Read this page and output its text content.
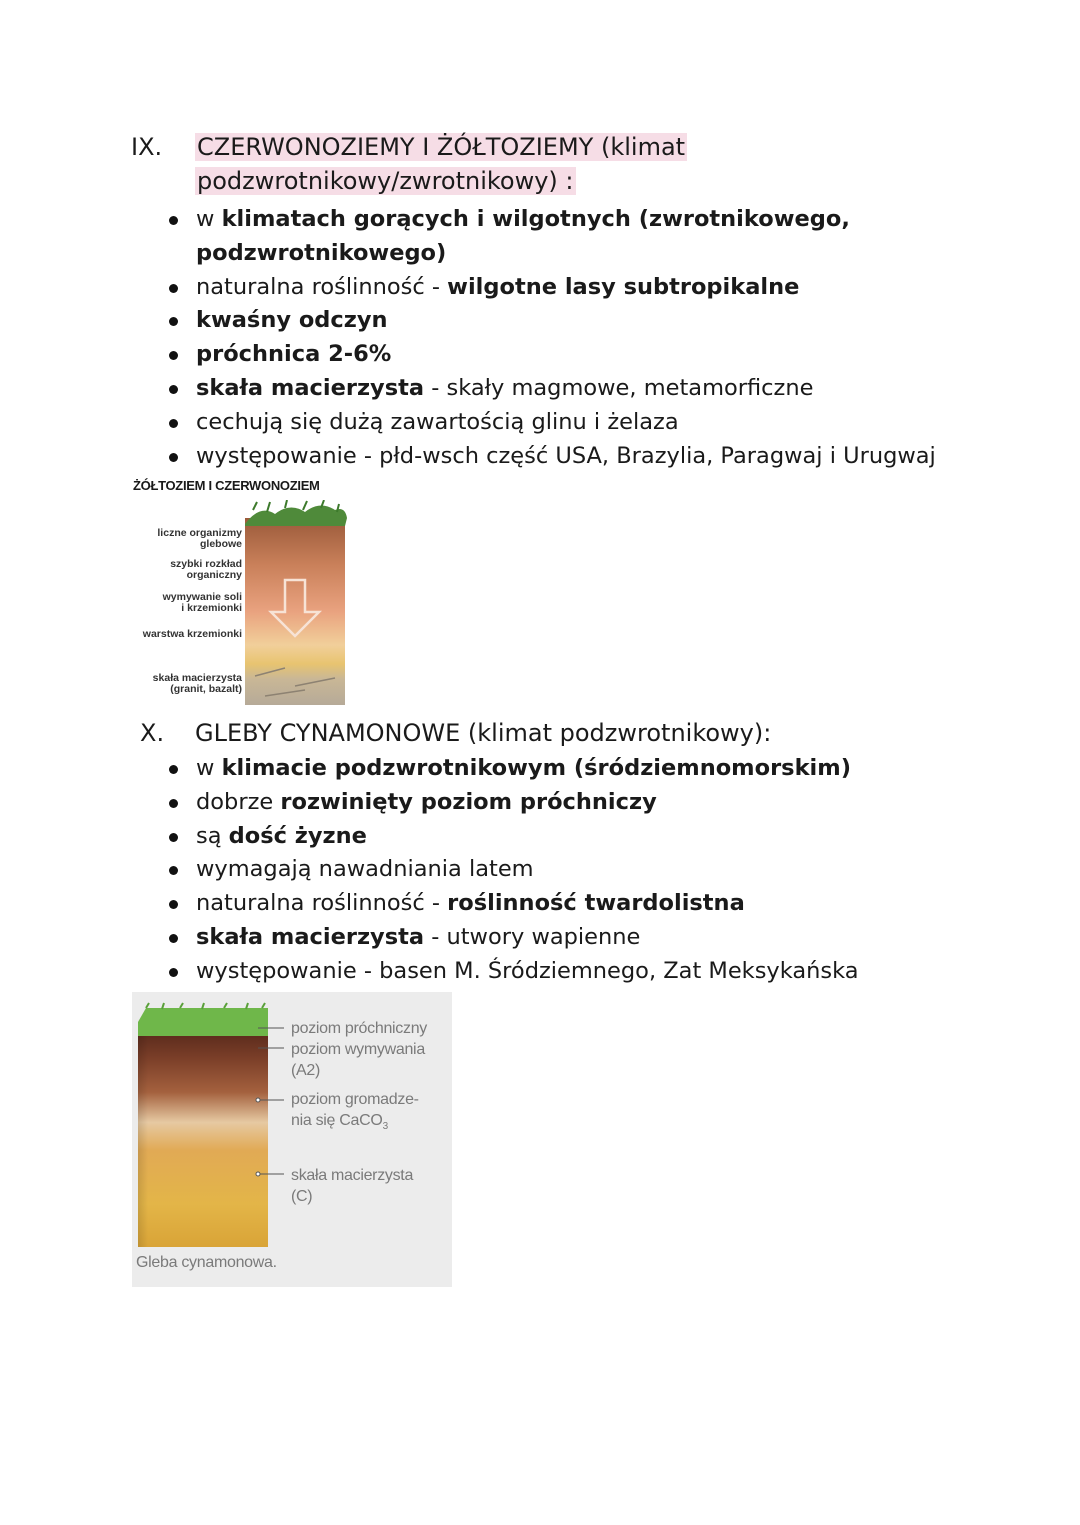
IX. CZERWONOZIEMY I ŻÓŁTOZIEMY (klimat
podzwrotnikowy/zwrotnikowy) :
w klimatach gorących i wilgotnych (zwrotnikowego,
podzwrotnikowego)
naturalna roślinność - wilgotne lasy subtropikalne
kwaśny odczyn
próchnica 2-6%
skała macierzysta - skały magmowe, metamorficzne
cechują się dużą zawartością glinu i żelaza
występowanie - płd-wsch część USA, Brazylia, Paragwaj i Urugwaj
ŻÓŁTOZIEM I CZERWONOZIEM
liczne organizmy
glebowe
szybki rozkład
organiczny
wymywanie soli
i krzemionki
warstwa krzemionki
skała macierzysta
(granit, bazalt)
X. GLEBY CYNAMONOWE (klimat podzwrotnikowy):
w klimacie podzwrotnikowym (śródziemnomorskim)
dobrze rozwinięty poziom próchniczy
są dość żyzne
wymagają nawadniania latem
naturalna roślinność - roślinność twardolistna
skała macierzysta - utwory wapienne
występowanie - basen M. Śródziemnego, Zat Meksykańska
poziom próchniczny
poziom wymywania
(A2)
poziom gromadze-
nia się CaCO$_3$
skała macierzysta
(C)
Gleba cynamonowa.
